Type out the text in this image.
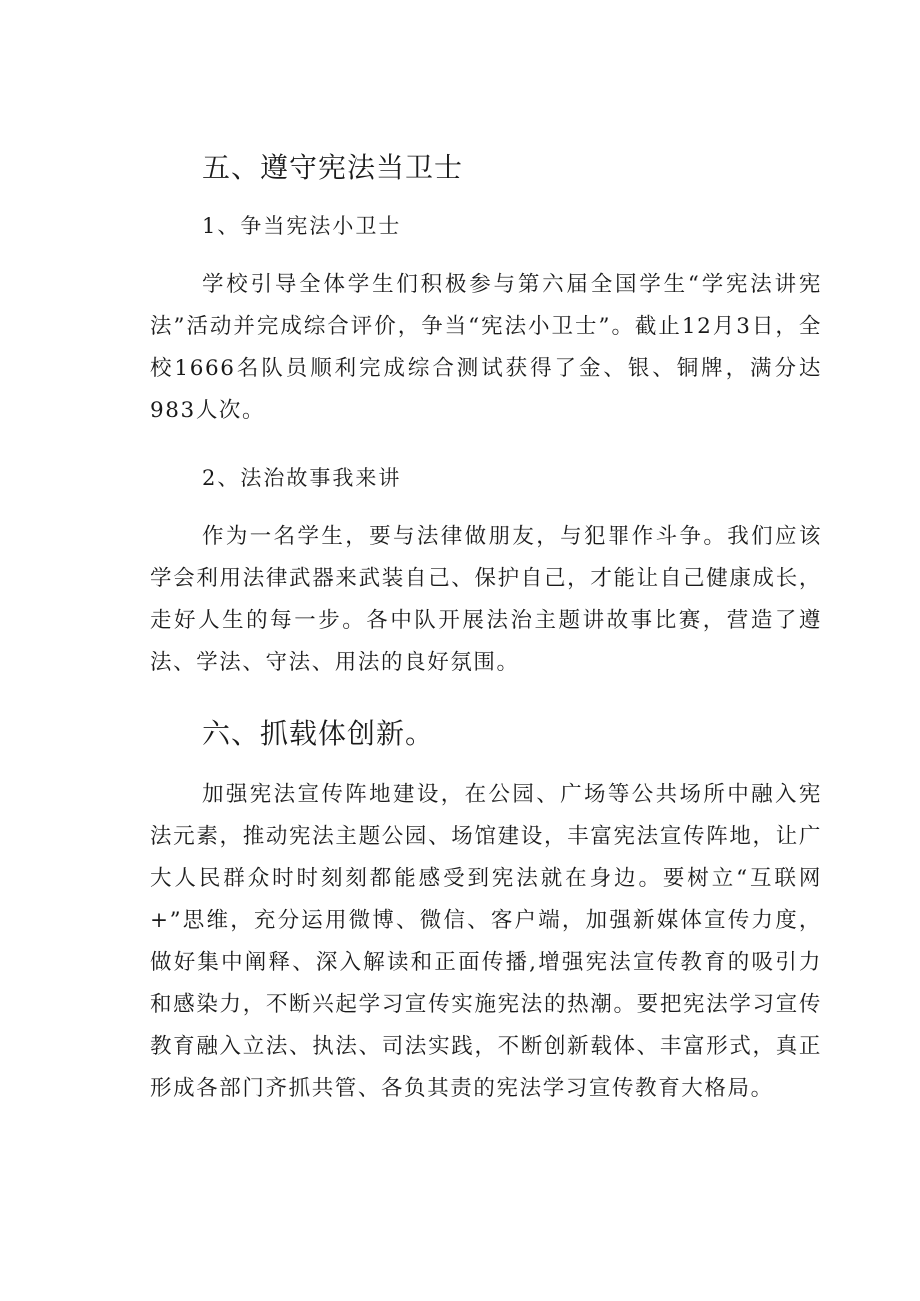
五、遵守宪法当卫士

1、争当宪法小卫士

学校引导全体学生们积极参与第六届全国学生“学宪法讲宪法”活动并完成综合评价，争当“宪法小卫士”。截止12月3日，全校1666名队员顺利完成综合测试获得了金、银、铜牌，满分达983人次。

2、法治故事我来讲

作为一名学生，要与法律做朋友，与犯罪作斗争。我们应该学会利用法律武器来武装自己、保护自己，才能让自己健康成长，走好人生的每一步。各中队开展法治主题讲故事比赛，营造了遵法、学法、守法、用法的良好氛围。

六、抓载体创新。

加强宪法宣传阵地建设，在公园、广场等公共场所中融入宪法元素，推动宪法主题公园、场馆建设，丰富宪法宣传阵地，让广大人民群众时时刻刻都能感受到宪法就在身边。要树立“互联网+”思维，充分运用微博、微信、客户端，加强新媒体宣传力度，做好集中阐释、深入解读和正面传播,增强宪法宣传教育的吸引力和感染力，不断兴起学习宣传实施宪法的热潮。要把宪法学习宣传教育融入立法、执法、司法实践，不断创新载体、丰富形式，真正形成各部门齐抓共管、各负其责的宪法学习宣传教育大格局。
